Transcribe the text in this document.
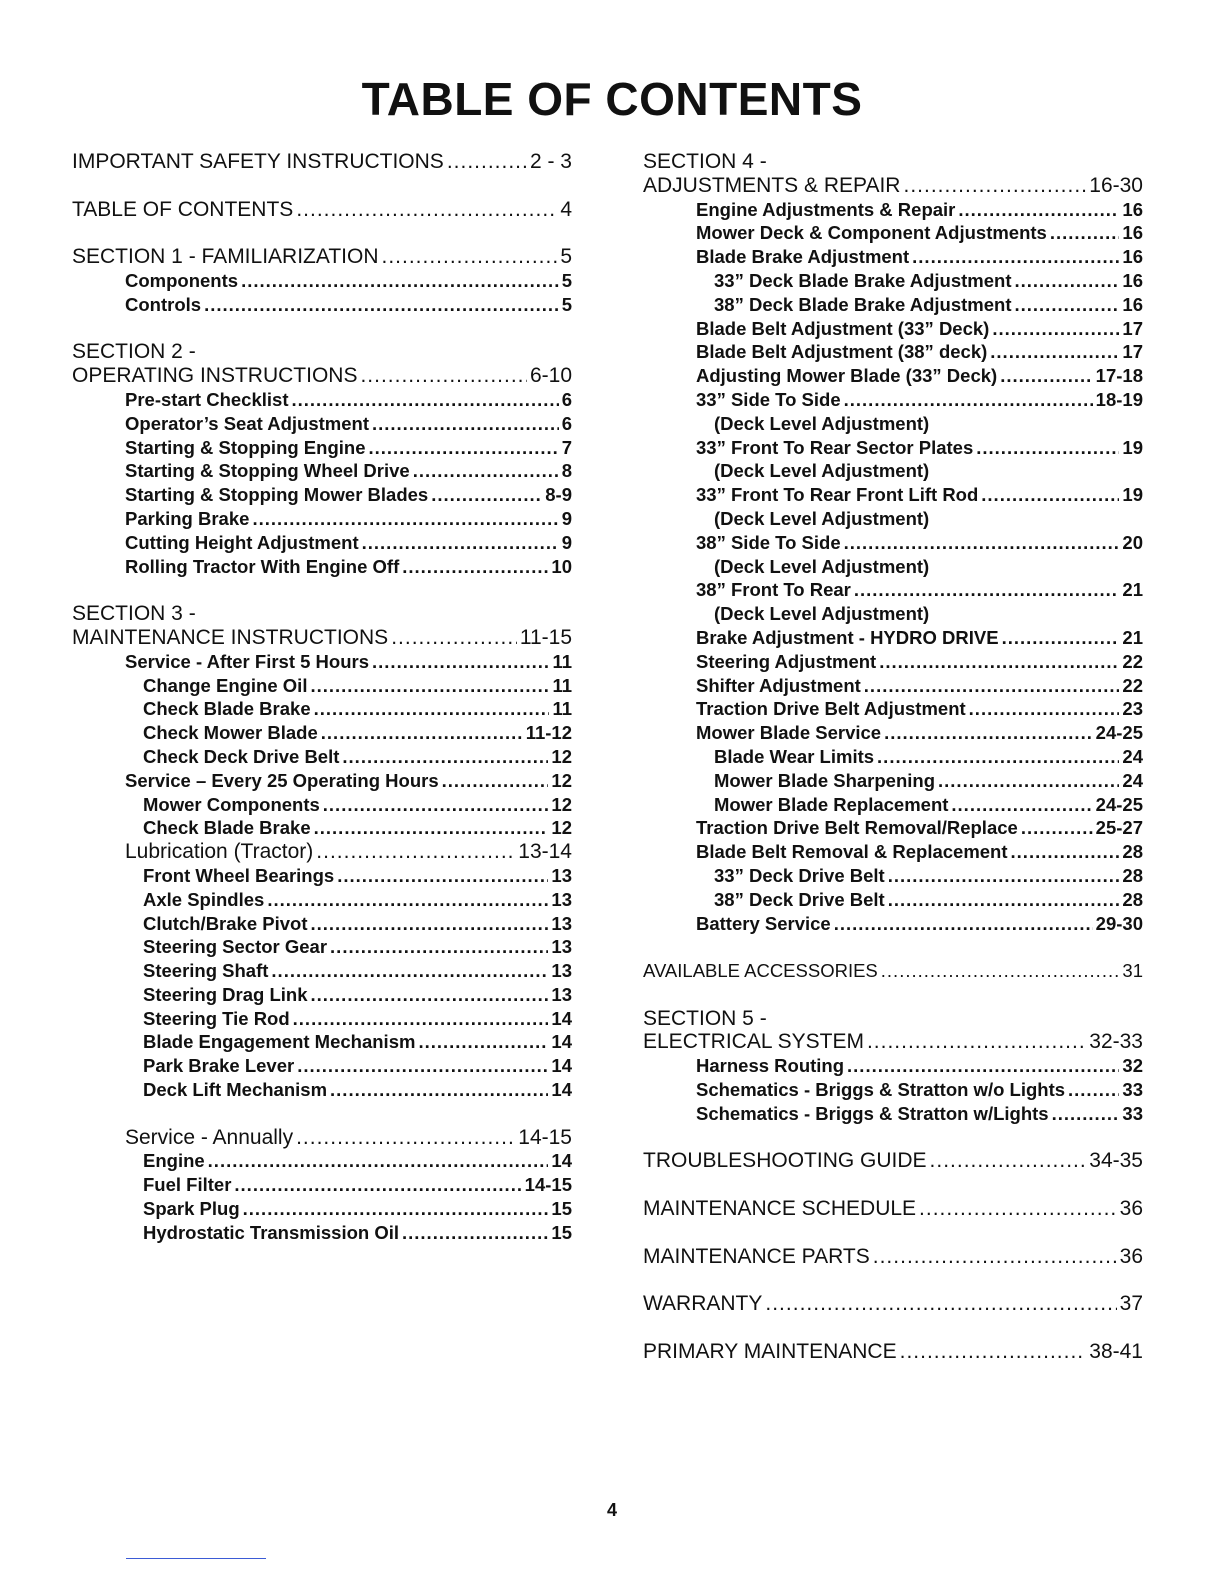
TABLE OF CONTENTS
IMPORTANT SAFETY INSTRUCTIONS .....	2 - 3
TABLE OF CONTENTS .....	4
SECTION 1 - FAMILIARIZATION .....	5
Components .....	5
Controls .....	5
SECTION 2 -
OPERATING INSTRUCTIONS .....	6-10
Pre-start Checklist .....	6
Operator’s Seat Adjustment .....	6
Starting & Stopping Engine .....	7
Starting & Stopping Wheel Drive .....	8
Starting & Stopping Mower Blades .....	8-9
Parking Brake .....	9
Cutting Height Adjustment .....	9
Rolling Tractor With Engine Off .....	10
SECTION 3 -
MAINTENANCE INSTRUCTIONS .....	11-15
Service - After First 5 Hours .....	11
Change Engine Oil .....	11
Check Blade Brake .....	11
Check Mower Blade .....	11-12
Check Deck Drive Belt .....	12
Service – Every 25 Operating Hours .....	12
Mower Components .....	12
Check Blade Brake .....	12
Lubrication (Tractor) .....	13-14
Front Wheel Bearings .....	13
Axle Spindles .....	13
Clutch/Brake Pivot .....	13
Steering Sector Gear .....	13
Steering Shaft .....	13
Steering Drag Link .....	13
Steering Tie Rod .....	14
Blade Engagement Mechanism .....	14
Park Brake Lever .....	14
Deck Lift Mechanism .....	14
Service - Annually .....	14-15
Engine .....	14
Fuel Filter .....	14-15
Spark Plug .....	15
Hydrostatic Transmission Oil .....	15
SECTION 4 -
ADJUSTMENTS & REPAIR .....	16-30
Engine Adjustments & Repair .....	16
Mower Deck & Component Adjustments .....	16
Blade Brake Adjustment .....	16
33” Deck Blade Brake Adjustment .....	16
38” Deck Blade Brake Adjustment .....	16
Blade Belt Adjustment (33” Deck) .....	17
Blade Belt Adjustment (38” deck) .....	17
Adjusting Mower Blade (33” Deck) .....	17-18
33” Side To Side .....	18-19
(Deck Level Adjustment)
33” Front To Rear Sector Plates .....	19
(Deck Level Adjustment)
33” Front To Rear Front Lift Rod .....	19
(Deck Level Adjustment)
38” Side To Side .....	20
(Deck Level Adjustment)
38” Front To Rear .....	21
(Deck Level Adjustment)
Brake Adjustment - HYDRO DRIVE .....	21
Steering Adjustment .....	22
Shifter Adjustment .....	22
Traction Drive Belt Adjustment .....	23
Mower Blade Service .....	24-25
Blade Wear Limits .....	24
Mower Blade Sharpening .....	24
Mower Blade Replacement .....	24-25
Traction Drive Belt Removal/Replace .....	25-27
Blade Belt Removal & Replacement .....	28
33” Deck Drive Belt .....	28
38” Deck Drive Belt .....	28
Battery Service .....	29-30
AVAILABLE ACCESSORIES .....	31
SECTION 5 -
ELECTRICAL SYSTEM .....	32-33
Harness Routing .....	32
Schematics - Briggs & Stratton w/o Lights .....	33
Schematics - Briggs & Stratton w/Lights .....	33
TROUBLESHOOTING GUIDE .....	34-35
MAINTENANCE SCHEDULE .....	36
MAINTENANCE PARTS .....	36
WARRANTY .....	37
PRIMARY MAINTENANCE .....	38-41
4
